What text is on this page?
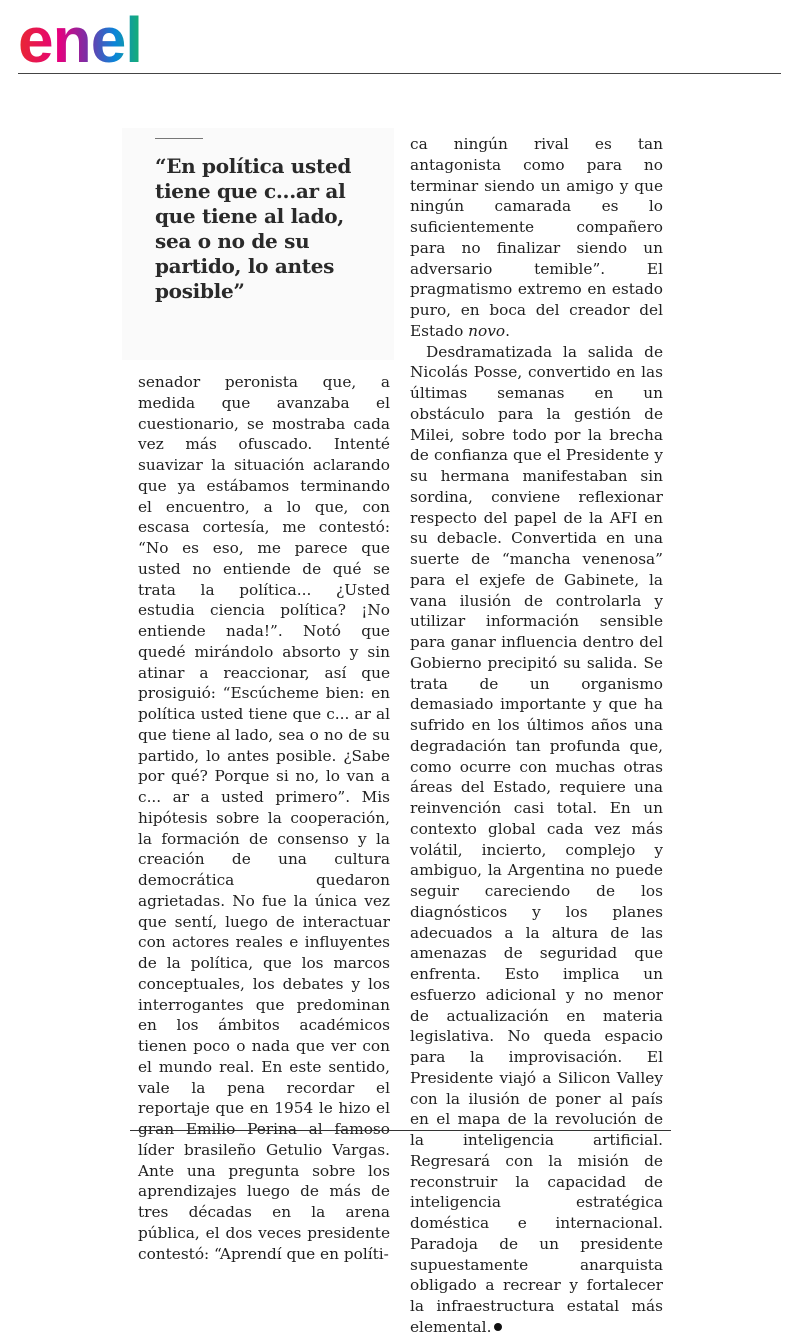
enel

“En política usted tiene que c...ar al que tiene al lado, sea o no de su partido, lo antes posible”

senador peronista que, a medida que avanzaba el cuestionario, se mostraba cada vez más ofuscado. Intenté suavizar la situación aclarando que ya estábamos terminando el encuentro, a lo que, con escasa cortesía, me contestó: “No es eso, me parece que usted no entiende de qué se trata la política... ¿Usted estudia ciencia política? ¡No entiende nada!”. Notó que quedé mirándolo absorto y sin atinar a reaccionar, así que prosiguió: “Escúcheme bien: en política usted tiene que c... ar al que tiene al lado, sea o no de su partido, lo antes posible. ¿Sabe por qué? Porque si no, lo van a c... ar a usted primero”. Mis hipótesis sobre la cooperación, la formación de consenso y la creación de una cultura democrática quedaron agrietadas. No fue la única vez que sentí, luego de interactuar con actores reales e influyentes de la política, que los marcos conceptuales, los debates y los interrogantes que predominan en los ámbitos académicos tienen poco o nada que ver con el mundo real. En este sentido, vale la pena recordar el reportaje que en 1954 le hizo el gran Emilio Perina al famoso líder brasileño Getulio Vargas. Ante una pregunta sobre los aprendizajes luego de más de tres décadas en la arena pública, el dos veces presidente contestó: “Aprendí que en políti-

ca ningún rival es tan antagonista como para no terminar siendo un amigo y que ningún camarada es lo suficientemente compañero para no finalizar siendo un adversario temible”. El pragmatismo extremo en estado puro, en boca del creador del Estado novo.

Desdramatizada la salida de Nicolás Posse, convertido en las últimas semanas en un obstáculo para la gestión de Milei, sobre todo por la brecha de confianza que el Presidente y su hermana manifestaban sin sordina, conviene reflexionar respecto del papel de la AFI en su debacle. Convertida en una suerte de “mancha venenosa” para el exjefe de Gabinete, la vana ilusión de controlarla y utilizar información sensible para ganar influencia dentro del Gobierno precipitó su salida. Se trata de un organismo demasiado importante y que ha sufrido en los últimos años una degradación tan profunda que, como ocurre con muchas otras áreas del Estado, requiere una reinvención casi total. En un contexto global cada vez más volátil, incierto, complejo y ambiguo, la Argentina no puede seguir careciendo de los diagnósticos y los planes adecuados a la altura de las amenazas de seguridad que enfrenta. Esto implica un esfuerzo adicional y no menor de actualización en materia legislativa. No queda espacio para la improvisación. El Presidente viajó a Silicon Valley con la ilusión de poner al país en el mapa de la revolución de la inteligencia artificial. Regresará con la misión de reconstruir la capacidad de inteligencia estratégica doméstica e internacional. Paradoja de un presidente supuestamente anarquista obligado a recrear y fortalecer la infraestructura estatal más elemental.
